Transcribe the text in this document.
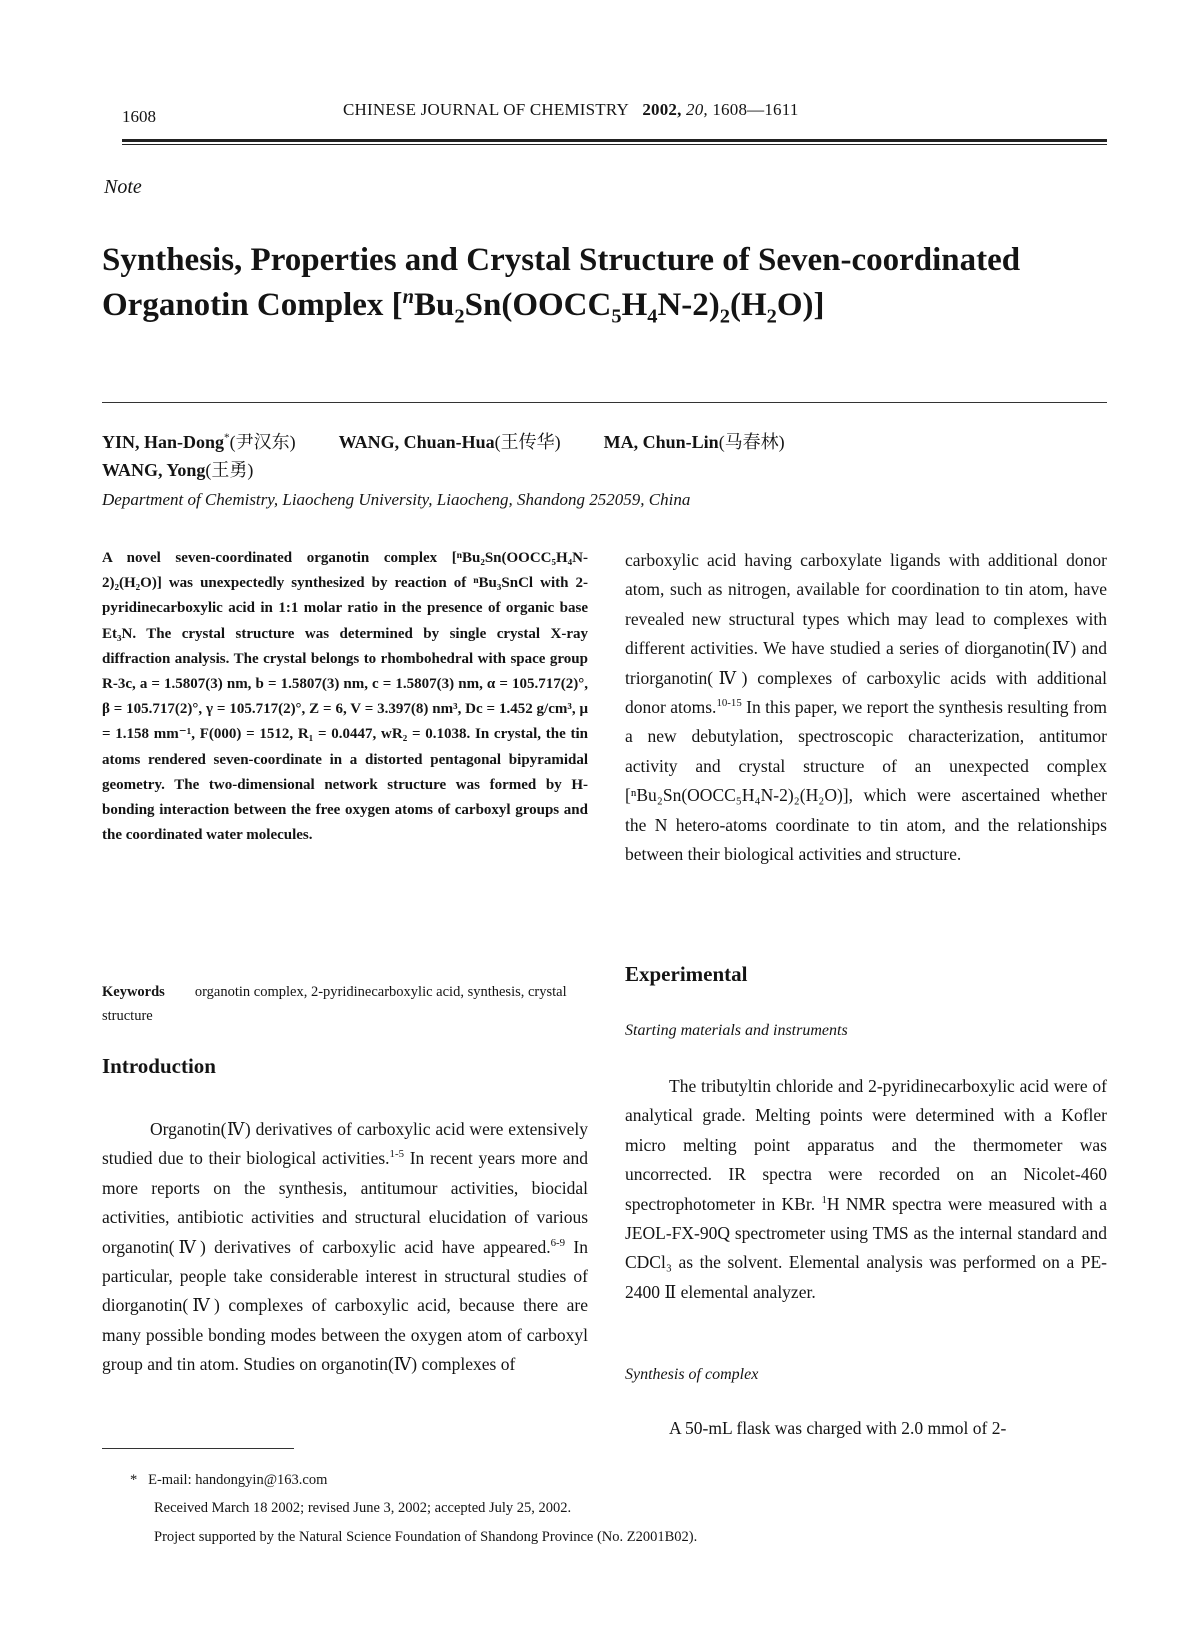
1608	CHINESE JOURNAL OF CHEMISTRY 2002, 20, 1608—1611
Note
Synthesis, Properties and Crystal Structure of Seven-coordinated
Organotin Complex $[^nBu_2Sn(OOCC_5H_4N-2)_2(H_2O)]$
YIN, Han-Dong*(尹汉东) WANG, Chuan-Hua(王传华) MA, Chun-Lin(马春林)
WANG, Yong(王勇)
Department of Chemistry, Liaocheng University, Liaocheng, Shandong 252059, China
A novel seven-coordinated organotin complex [ⁿBu₂Sn(OOCC₅H₄N-2)₂(H₂O)] was unexpectedly synthesized by reaction of ⁿBu₃SnCl with 2-pyridinecarboxylic acid in 1:1 molar ratio in the presence of organic base Et₃N. The crystal structure was determined by single crystal X-ray diffraction analysis. The crystal belongs to rhombohedral with space group R-3c, a = 1.5807(3) nm, b = 1.5807(3) nm, c = 1.5807(3) nm, α = 105.717(2)°, β = 105.717(2)°, γ = 105.717(2)°, Z = 6, V = 3.397(8) nm³, Dc = 1.452 g/cm³, μ = 1.158 mm⁻¹, F(000) = 1512, R₁ = 0.0447, wR₂ = 0.1038. In crystal, the tin atoms rendered seven-coordinate in a distorted pentagonal bipyramidal geometry. The two-dimensional network structure was formed by H-bonding interaction between the free oxygen atoms of carboxyl groups and the coordinated water molecules.
Keywords organotin complex, 2-pyridinecarboxylic acid, synthesis, crystal structure
Introduction

Organotin(Ⅳ) derivatives of carboxylic acid were extensively studied due to their biological activities.$^{1-5}$ In recent years more and more reports on the synthesis, antitumour activities, biocidal activities, antibiotic activities and structural elucidation of various organotin(Ⅳ) derivatives of carboxylic acid have appeared.$^{6-9}$ In particular, people take considerable interest in structural studies of diorganotin(Ⅳ) complexes of carboxylic acid, because there are many possible bonding modes between the oxygen atom of carboxyl group and tin atom. Studies on organotin(Ⅳ) complexes of

carboxylic acid having carboxylate ligands with additional donor atom, such as nitrogen, available for coordination to tin atom, have revealed new structural types which may lead to complexes with different activities. We have studied a series of diorganotin(Ⅳ) and triorganotin(Ⅳ) complexes of carboxylic acids with additional donor atoms.$^{10-15}$ In this paper, we report the synthesis resulting from a new debutylation, spectroscopic characterization, antitumor activity and crystal structure of an unexpected complex [ⁿBu₂Sn(OOCC₅H₄N-2)₂(H₂O)], which were ascertained whether the N hetero-atoms coordinate to tin atom, and the relationships between their biological activities and structure.

Experimental
Starting materials and instruments

The tributyltin chloride and 2-pyridinecarboxylic acid were of analytical grade. Melting points were determined with a Kofler micro melting point apparatus and the thermometer was uncorrected. IR spectra were recorded on an Nicolet-460 spectrophotometer in KBr. $^1$H NMR spectra were measured with a JEOL-FX-90Q spectrometer using TMS as the internal standard and CDCl₃ as the solvent. Elemental analysis was performed on a PE-2400 Ⅱ elemental analyzer.

Synthesis of complex

A 50-mL flask was charged with 2.0 mmol of 2-

* E-mail: handongyin@163.com
Received March 18 2002; revised June 3, 2002; accepted July 25, 2002.
Project supported by the Natural Science Foundation of Shandong Province (No. Z2001B02).
